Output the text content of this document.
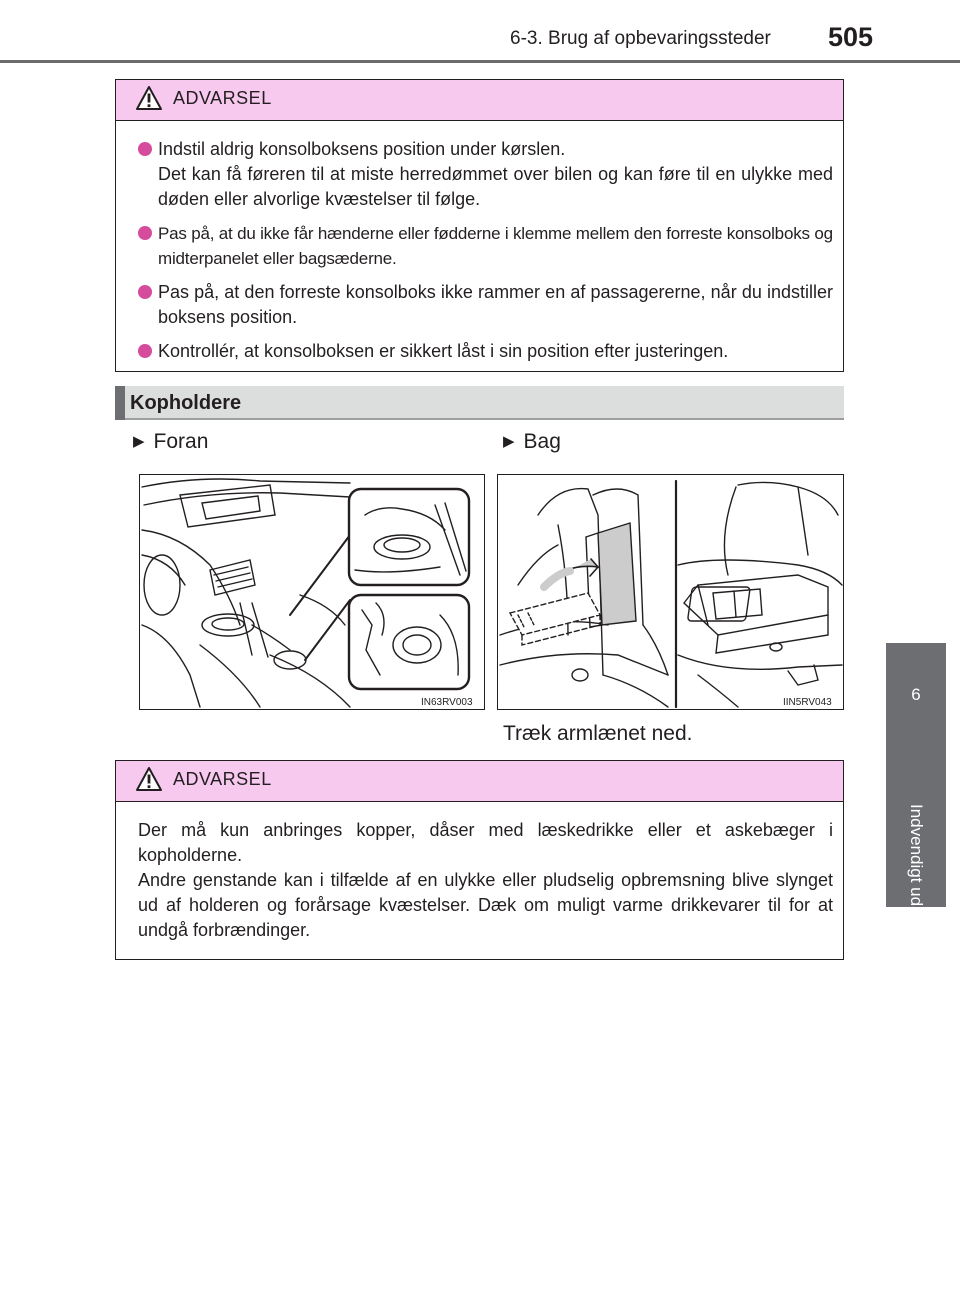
6-3. Brug af opbevaringssteder 505
6
Indvendigt udstyr
ADVARSEL
Indstil aldrig konsolboksens position under kørslen.
Det kan få føreren til at miste herredømmet over bilen og kan føre til en ulykke med døden eller alvorlige kvæstelser til følge.
Pas på, at du ikke får hænderne eller fødderne i klemme mellem den forreste konsolboks og midterpanelet eller bagsæderne.
Pas på, at den forreste konsolboks ikke rammer en af passagererne, når du indstiller boksens position.
Kontrollér, at konsolboksen er sikkert låst i sin position efter justeringen.
Kopholdere
▶ Foran	▶ Bag
IN63RV003	IIN5RV043
Træk armlænet ned.
ADVARSEL
Der må kun anbringes kopper, dåser med læskedrikke eller et askebæger i kopholderne.
Andre genstande kan i tilfælde af en ulykke eller pludselig opbremsning blive slynget ud af holderen og forårsage kvæstelser. Dæk om muligt varme drikkevarer til for at undgå forbrændinger.
